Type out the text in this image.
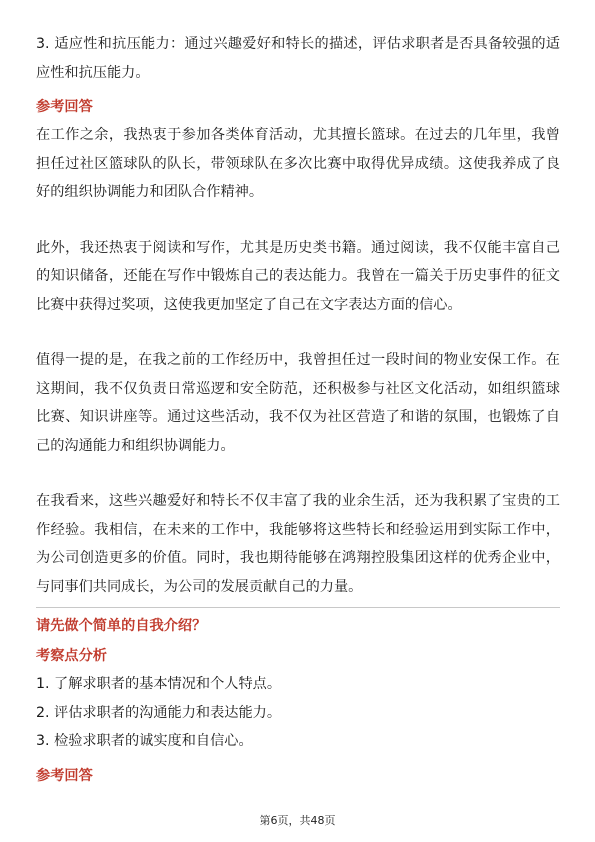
3. 适应性和抗压能力：通过兴趣爱好和特长的描述，评估求职者是否具备较强的适应性和抗压能力。

参考回答

在工作之余，我热衷于参加各类体育活动，尤其擅长篮球。在过去的几年里，我曾担任过社区篮球队的队长，带领球队在多次比赛中取得优异成绩。这使我养成了良好的组织协调能力和团队合作精神。

此外，我还热衷于阅读和写作，尤其是历史类书籍。通过阅读，我不仅能丰富自己的知识储备，还能在写作中锻炼自己的表达能力。我曾在一篇关于历史事件的征文比赛中获得过奖项，这使我更加坚定了自己在文字表达方面的信心。

值得一提的是，在我之前的工作经历中，我曾担任过一段时间的物业安保工作。在这期间，我不仅负责日常巡逻和安全防范，还积极参与社区文化活动，如组织篮球比赛、知识讲座等。通过这些活动，我不仅为社区营造了和谐的氛围，也锻炼了自己的沟通能力和组织协调能力。

在我看来，这些兴趣爱好和特长不仅丰富了我的业余生活，还为我积累了宝贵的工作经验。我相信，在未来的工作中，我能够将这些特长和经验运用到实际工作中，为公司创造更多的价值。同时，我也期待能够在鸿翔控股集团这样的优秀企业中，与同事们共同成长，为公司的发展贡献自己的力量。

请先做个简单的自我介绍？

考察点分析

1. 了解求职者的基本情况和个人特点。

2. 评估求职者的沟通能力和表达能力。

3. 检验求职者的诚实度和自信心。

参考回答

第6页，共48页
